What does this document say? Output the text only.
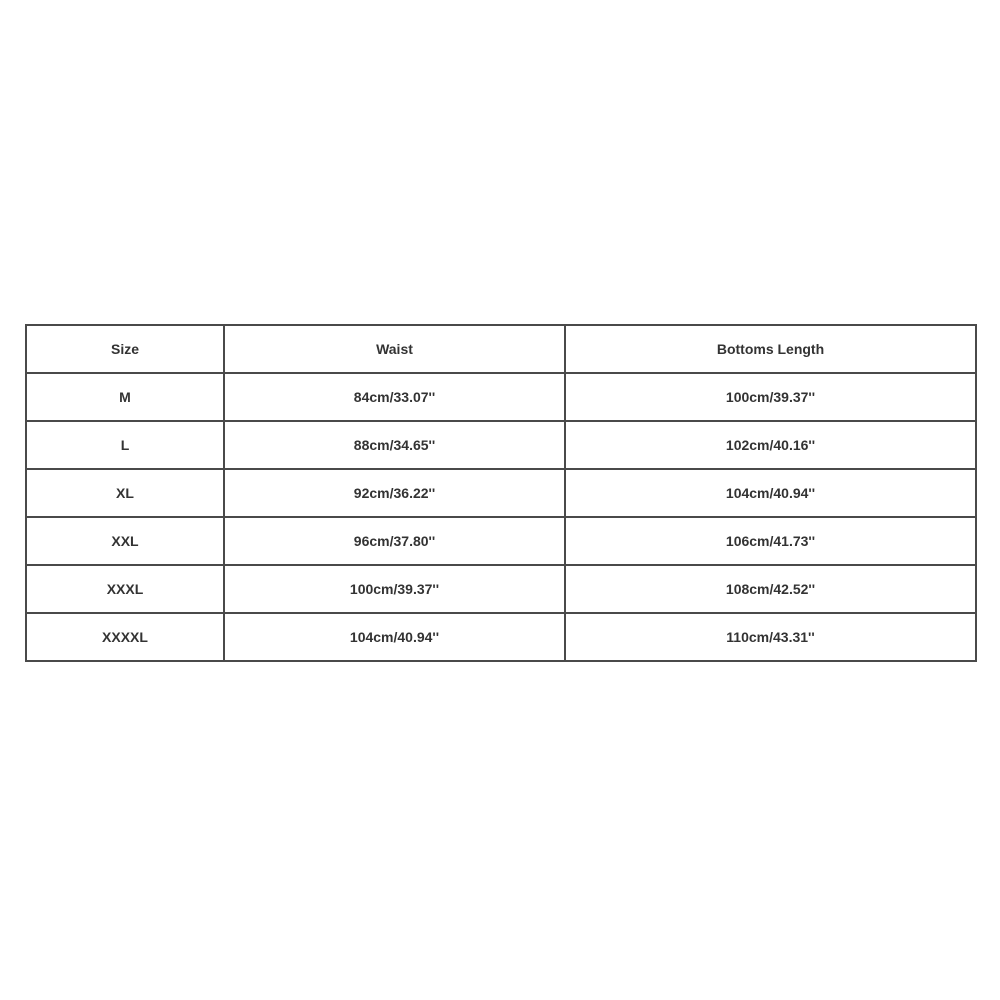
Size	Waist	Bottoms Length
M	84cm/33.07''	100cm/39.37''
L	88cm/34.65''	102cm/40.16''
XL	92cm/36.22''	104cm/40.94''
XXL	96cm/37.80''	106cm/41.73''
XXXL	100cm/39.37''	108cm/42.52''
XXXXL	104cm/40.94''	110cm/43.31''
